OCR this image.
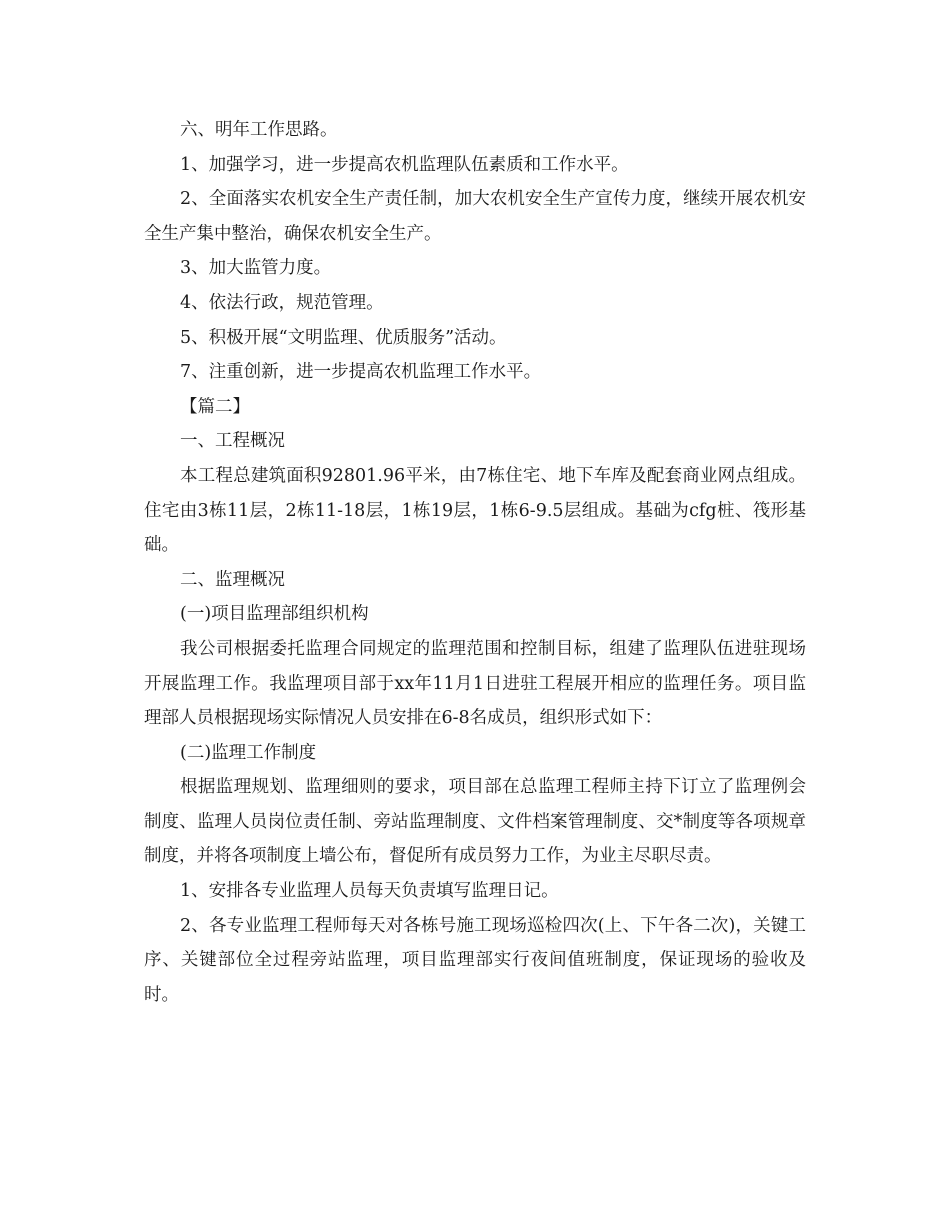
六、明年工作思路。

1、加强学习，进一步提高农机监理队伍素质和工作水平。

2、全面落实农机安全生产责任制，加大农机安全生产宣传力度，继续开展农机安全生产集中整治，确保农机安全生产。

3、加大监管力度。

4、依法行政，规范管理。

5、积极开展“文明监理、优质服务”活动。

7、注重创新，进一步提高农机监理工作水平。

【篇二】

一、工程概况

本工程总建筑面积92801.96平米，由7栋住宅、地下车库及配套商业网点组成。住宅由3栋11层，2栋11-18层，1栋19层，1栋6-9.5层组成。基础为cfg桩、筏形基础。

二、监理概况

(一)项目监理部组织机构

我公司根据委托监理合同规定的监理范围和控制目标，组建了监理队伍进驻现场开展监理工作。我监理项目部于xx年11月1日进驻工程展开相应的监理任务。项目监理部人员根据现场实际情况人员安排在6-8名成员，组织形式如下：

(二)监理工作制度

根据监理规划、监理细则的要求，项目部在总监理工程师主持下订立了监理例会制度、监理人员岗位责任制、旁站监理制度、文件档案管理制度、交*制度等各项规章制度，并将各项制度上墙公布，督促所有成员努力工作，为业主尽职尽责。

1、安排各专业监理人员每天负责填写监理日记。

2、各专业监理工程师每天对各栋号施工现场巡检四次(上、下午各二次)，关键工序、关键部位全过程旁站监理，项目监理部实行夜间值班制度，保证现场的验收及时。
